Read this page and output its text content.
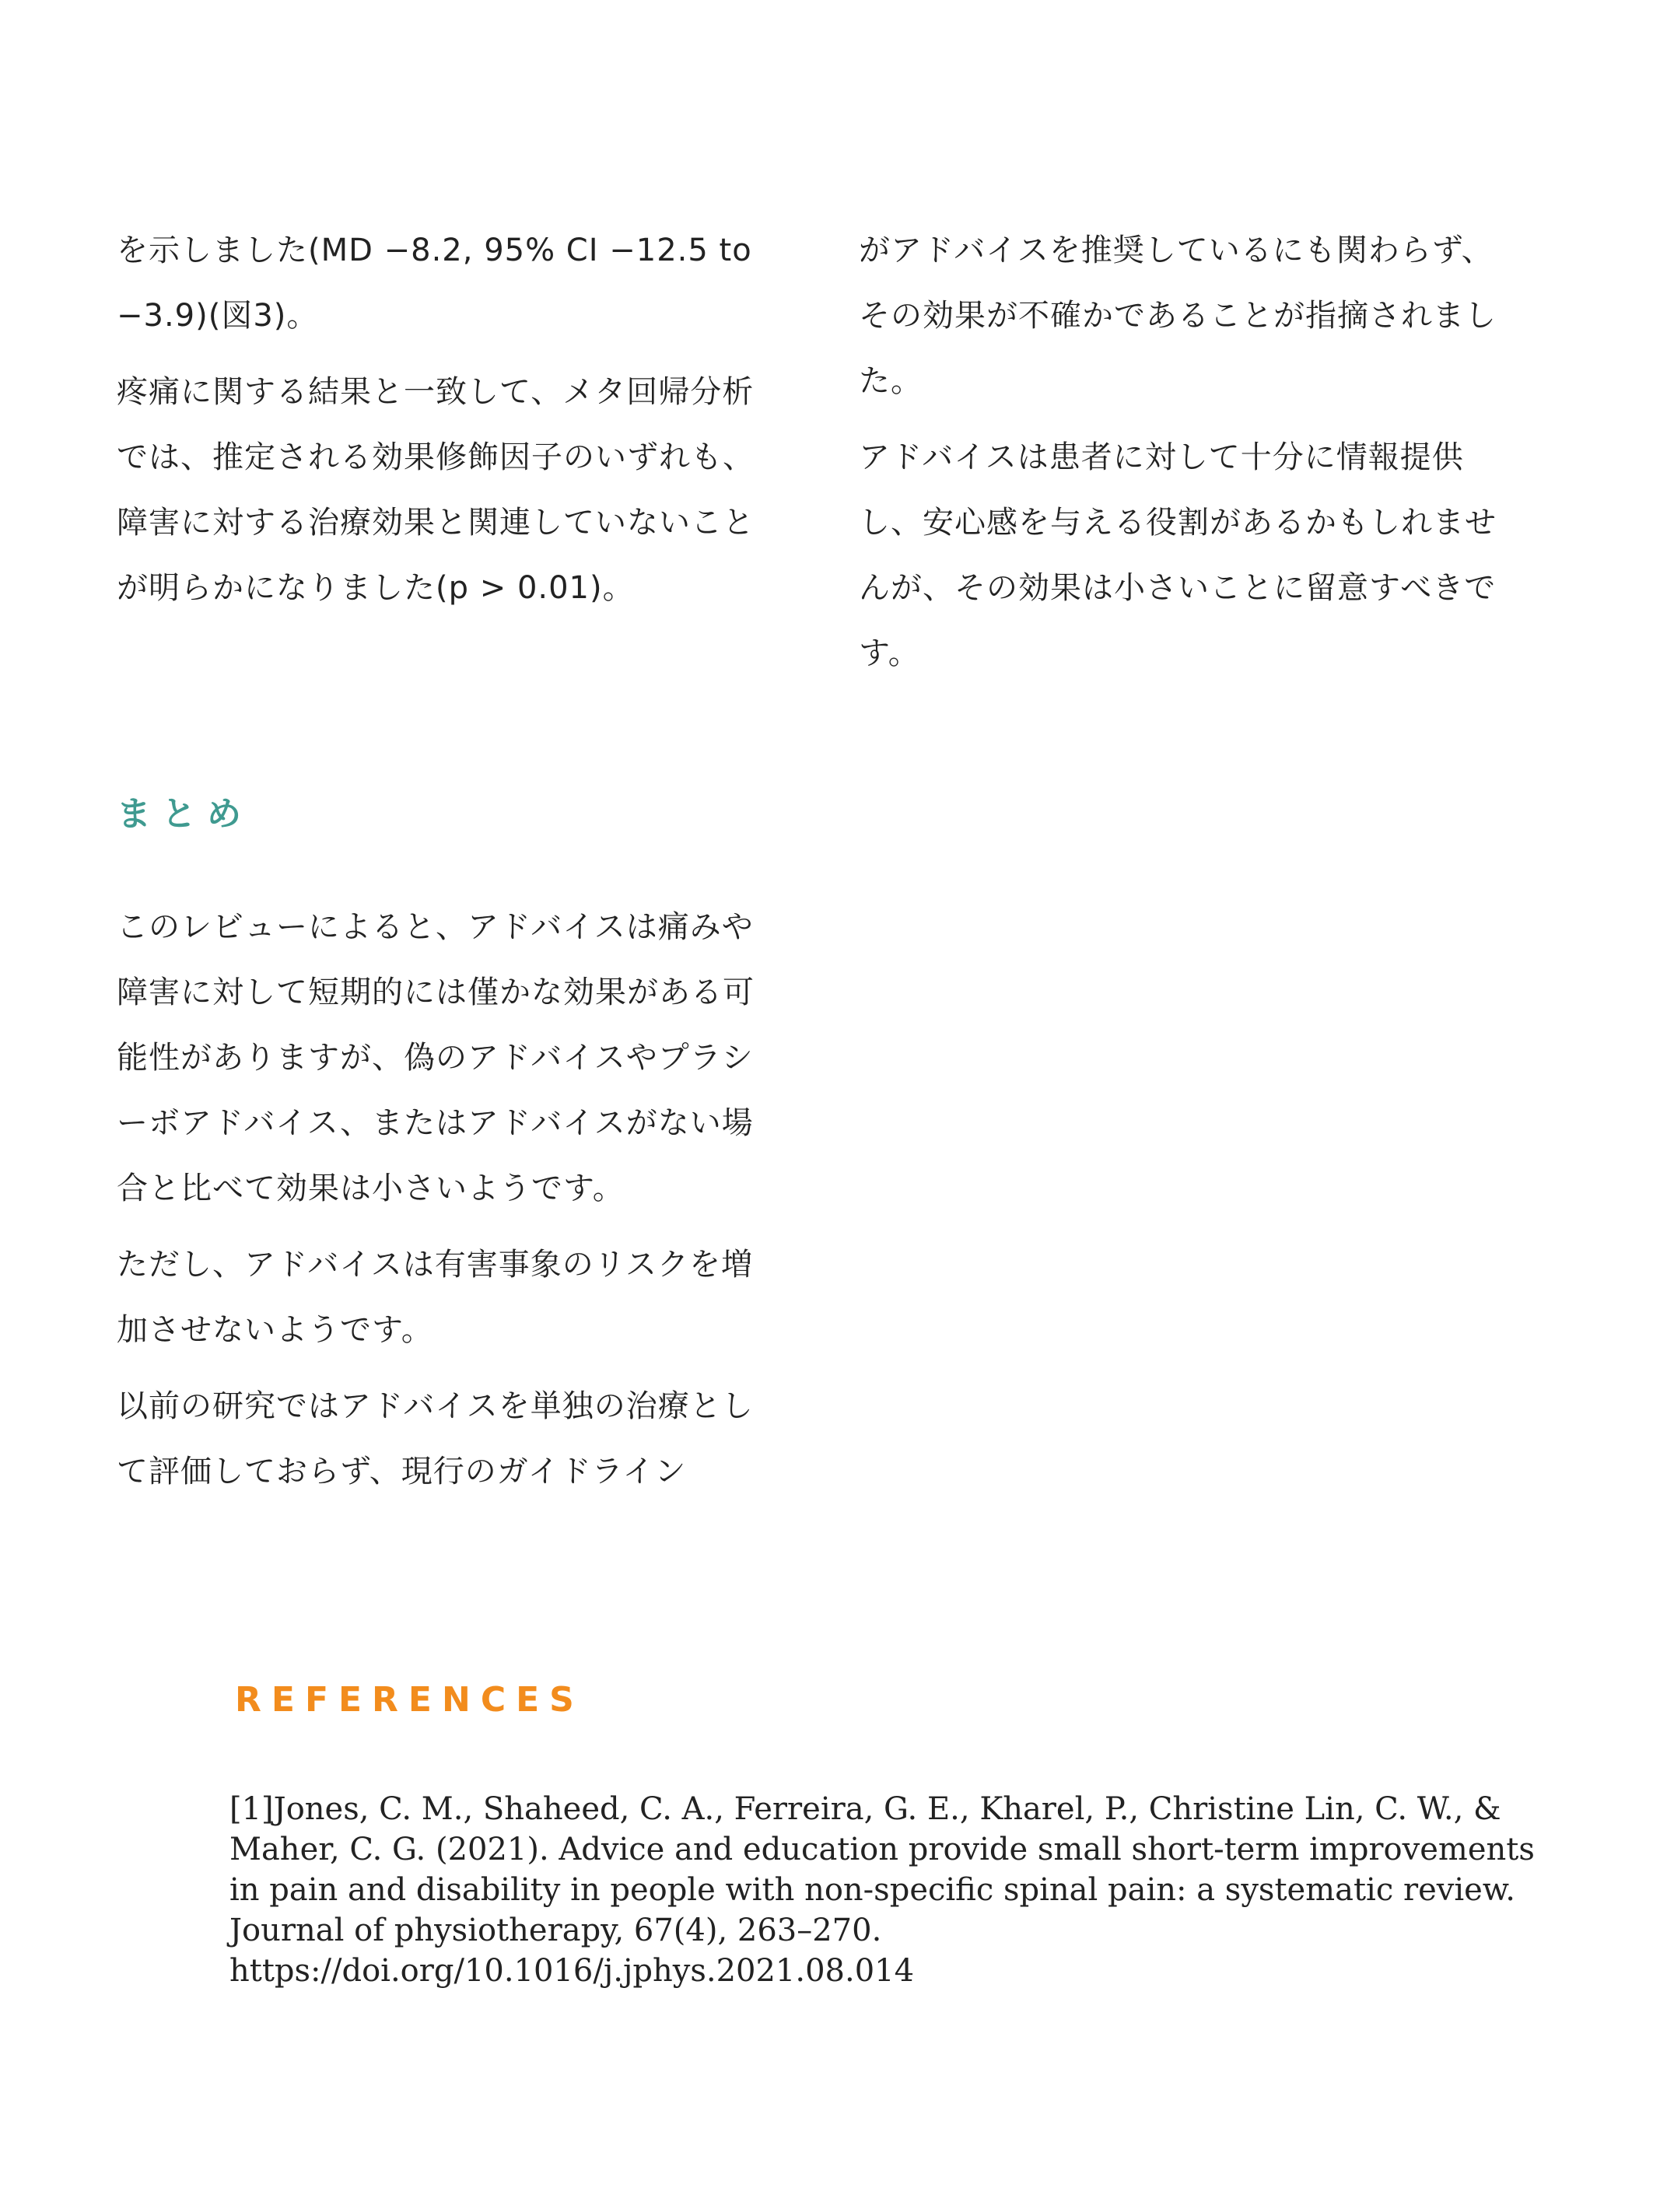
を示しました(MD −8.2, 95% CI −12.5 to −3.9)(図3)。

疼痛に関する結果と一致して、メタ回帰分析では、推定される効果修飾因子のいずれも、障害に対する治療効果と関連していないことが明らかになりました(p > 0.01)。

がアドバイスを推奨しているにも関わらず、その効果が不確かであることが指摘されました。

アドバイスは患者に対して十分に情報提供し、安心感を与える役割があるかもしれませんが、その効果は小さいことに留意すべきです。

まとめ

このレビューによると、アドバイスは痛みや障害に対して短期的には僅かな効果がある可能性がありますが、偽のアドバイスやプラシーボアドバイス、またはアドバイスがない場合と比べて効果は小さいようです。

ただし、アドバイスは有害事象のリスクを増加させないようです。

以前の研究ではアドバイスを単独の治療として評価しておらず、現行のガイドライン

REFERENCES

[1]Jones, C. M., Shaheed, C. A., Ferreira, G. E., Kharel, P., Christine Lin, C. W., & Maher, C. G. (2021). Advice and education provide small short-term improvements in pain and disability in people with non-specific spinal pain: a systematic review. Journal of physiotherapy, 67(4), 263–270. https://doi.org/10.1016/j.jphys.2021.08.014
